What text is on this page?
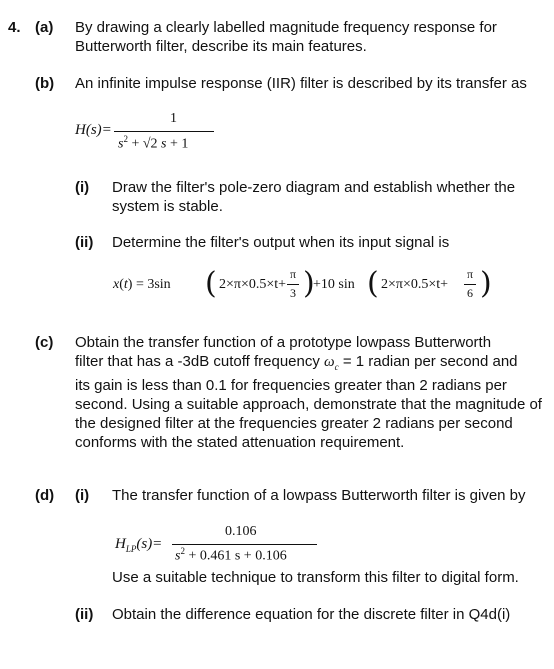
4. (a) By drawing a clearly labelled magnitude frequency response for Butterworth filter, describe its main features.
(b) An infinite impulse response (IIR) filter is described by its transfer as
H(s)=
1
$s^2 + √2$ s + 1
(i) Draw the filter's pole-zero diagram and establish whether the system is stable.
(ii) Determine the filter's output when its input signal is
x(t) = 3sin ( 2×π×0.5×t+
π
3 )
+10 sin ( 2×π×0.5×t+
π
6 )
(c) Obtain the transfer function of a prototype lowpass Butterworth
filter that has a -3dB cutoff frequency $\omega_c = 1$ radian per second and
its gain is less than 0.1 for frequencies greater than 2 radians per second. Using a suitable approach, demonstrate that the magnitude of the designed filter at the frequencies greater 2 radians per second conforms with the stated attenuation requirement.
(d) (i) The transfer function of a lowpass Butterworth filter is given by
$H_{LP}(s)=$
0.106
$s^2 + 0.461$ s + 0.106
Use a suitable technique to transform this filter to digital form.
(ii) Obtain the difference equation for the discrete filter in Q4d(i)
